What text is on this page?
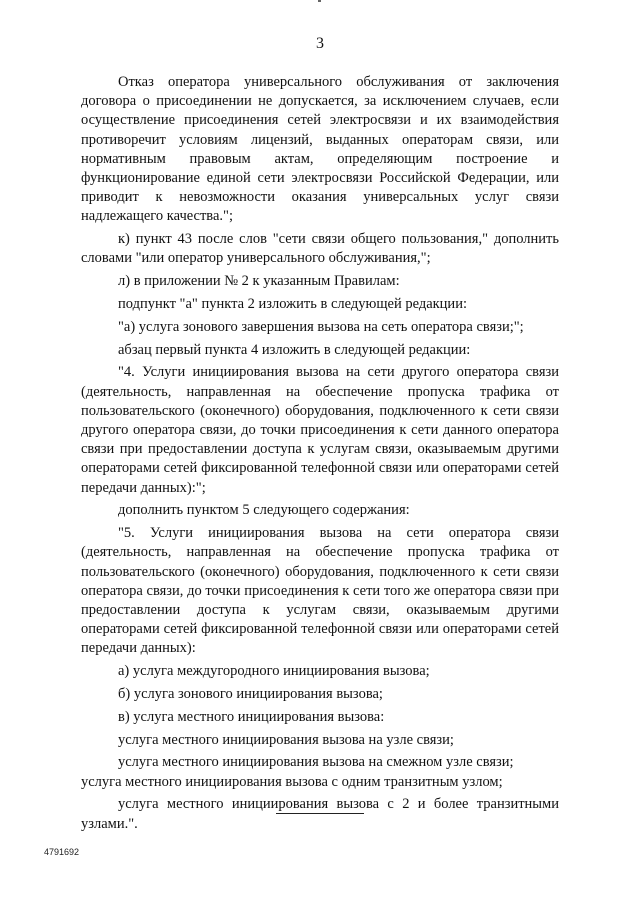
3

Отказ оператора универсального обслуживания от заключения договора о присоединении не допускается, за исключением случаев, если осуществление присоединения сетей электросвязи и их взаимодействия противоречит условиям лицензий, выданных операторам связи, или нормативным правовым актам, определяющим построение и функционирование единой сети электросвязи Российской Федерации, или приводит к невозможности оказания универсальных услуг связи надлежащего качества.";

к) пункт 43 после слов "сети связи общего пользования," дополнить словами "или оператор универсального обслуживания,";

л) в приложении № 2 к указанным Правилам:

подпункт "а" пункта 2 изложить в следующей редакции:

"а) услуга зонового завершения вызова на сеть оператора связи;";

абзац первый пункта 4 изложить в следующей редакции:

"4. Услуги инициирования вызова на сети другого оператора связи (деятельность, направленная на обеспечение пропуска трафика от пользовательского (оконечного) оборудования, подключенного к сети связи другого оператора связи, до точки присоединения к сети данного оператора связи при предоставлении доступа к услугам связи, оказываемым другими операторами сетей фиксированной телефонной связи или операторами сетей передачи данных):";

дополнить пунктом 5 следующего содержания:

"5. Услуги инициирования вызова на сети оператора связи (деятельность, направленная на обеспечение пропуска трафика от пользовательского (оконечного) оборудования, подключенного к сети связи оператора связи, до точки присоединения к сети того же оператора связи при предоставлении доступа к услугам связи, оказываемым другими операторами сетей фиксированной телефонной связи или операторами сетей передачи данных):

а) услуга междугородного инициирования вызова;

б) услуга зонового инициирования вызова;

в) услуга местного инициирования вызова:

услуга местного инициирования вызова на узле связи;

услуга местного инициирования вызова на смежном узле связи;

услуга местного инициирования вызова с одним транзитным узлом;

услуга местного инициирования вызова с 2 и более транзитными узлами.".

4791692
